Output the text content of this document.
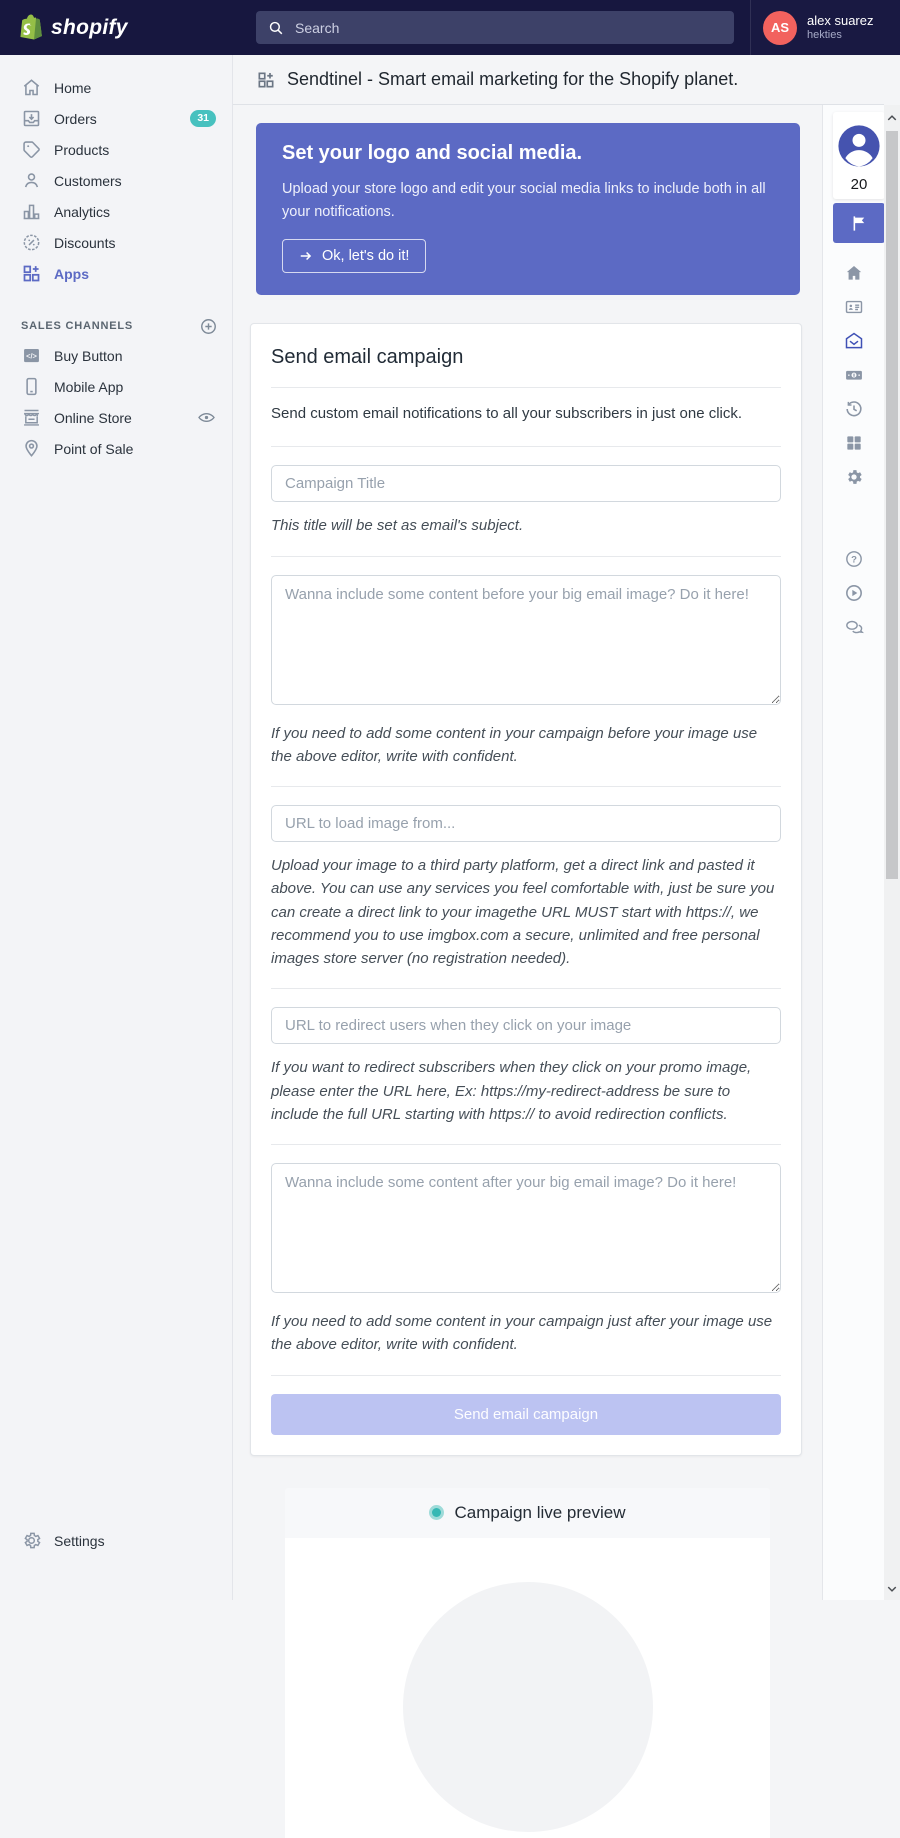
shopify
Search	AS	alex suarez
hekties
Home
Orders	31
Products
Customers
Analytics
Discounts
Apps
SALES CHANNELS
</> Buy Button
Mobile App
Online Store
Point of Sale
Settings
Sendtinel - Smart email marketing for the Shopify planet.
Set your logo and social media.

Upload your store logo and edit your social media links to include both in all your notifications.

Ok, let's do it!
Send email campaign

Send custom email notifications to all your subscribers in just one click.

Campaign Title

This title will be set as email's subject.

Wanna include some content before your big email image? Do it here!

If you need to add some content in your campaign before your image use the above editor, write with confident.

URL to load image from...

Upload your image to a third party platform, get a direct link and pasted it above. You can use any services you feel comfortable with, just be sure you can create a direct link to your imagethe URL MUST start with https://, we recommend you to use imgbox.com a secure, unlimited and free personal images store server (no registration needed).

URL to redirect users when they click on your image

If you want to redirect subscribers when they click on your promo image, please enter the URL here, Ex: https://my-redirect-address be sure to include the full URL starting with https:// to avoid redirection conflicts.

Wanna include some content after your big email image? Do it here!

If you need to add some content in your campaign just after your image use the above editor, write with confident.

Send email campaign
Campaign live preview
20
?
